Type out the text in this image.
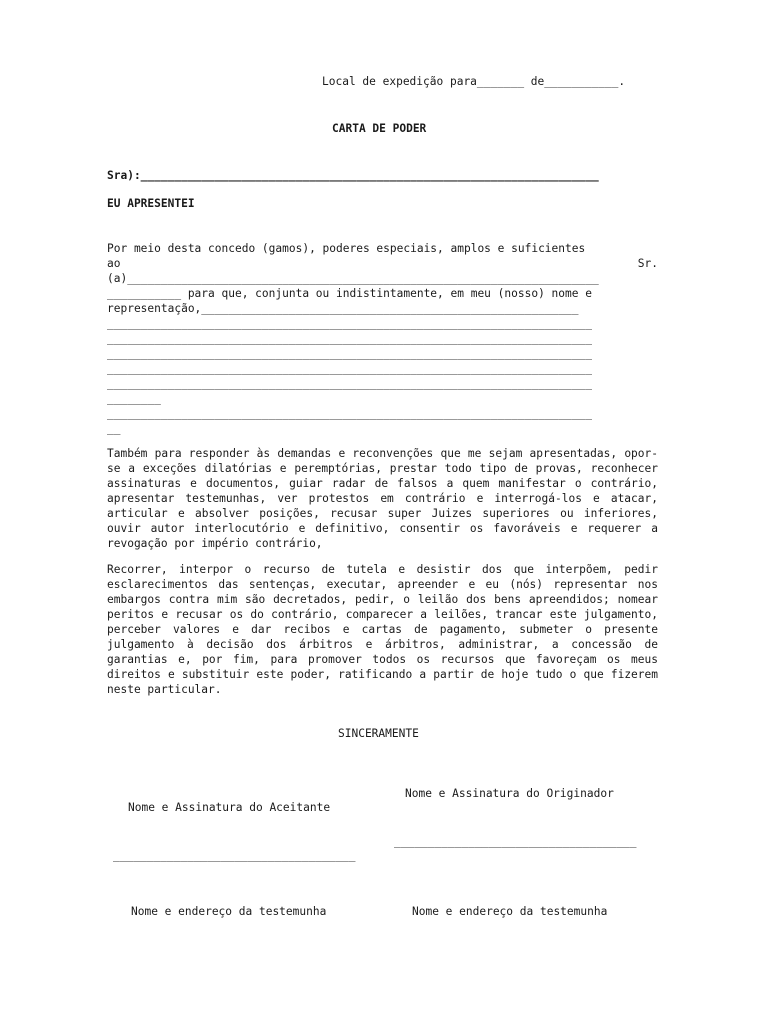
Local de expedição para_______ de___________.
CARTA DE PODER
Sra):____________________________________________________________________
EU APRESENTEI
Por meio desta concedo (gamos), poderes especiais, amplos e suficientes
ao	Sr.
(a)______________________________________________________________________
___________ para que, conjunta ou indistintamente, em meu (nosso) nome e
representação,________________________________________________________
________________________________________________________________________
________________________________________________________________________
________________________________________________________________________
________________________________________________________________________
________________________________________________________________________
________
________________________________________________________________________
__
Também para responder às demandas e reconvenções que me sejam apresentadas, opor-se a exceções dilatórias e peremptórias, prestar todo tipo de provas, reconhecer assinaturas e documentos, guiar radar de falsos a quem manifestar o contrário, apresentar testemunhas, ver protestos em contrário e interrogá-los e atacar, articular e absolver posições, recusar super Juizes superiores ou inferiores, ouvir autor interlocutório e definitivo, consentir os favoráveis e requerer a revogação por império contrário,
Recorrer, interpor o recurso de tutela e desistir dos que interpõem, pedir esclarecimentos das sentenças, executar, apreender e eu (nós) representar nos embargos contra mim são decretados, pedir, o leilão dos bens apreendidos; nomear peritos e recusar os do contrário, comparecer a leilões, trancar este julgamento, perceber valores e dar recibos e cartas de pagamento, submeter o presente julgamento à decisão dos árbitros e árbitros, administrar, a concessão de garantias e, por fim, para promover todos os recursos que favoreçam os meus direitos e substituir este poder, ratificando a partir de hoje tudo o que fizerem neste particular.
SINCERAMENTE
Nome e Assinatura do Originador
Nome e Assinatura do Aceitante
____________________________________
____________________________________
Nome e endereço da testemunha	Nome e endereço da testemunha
